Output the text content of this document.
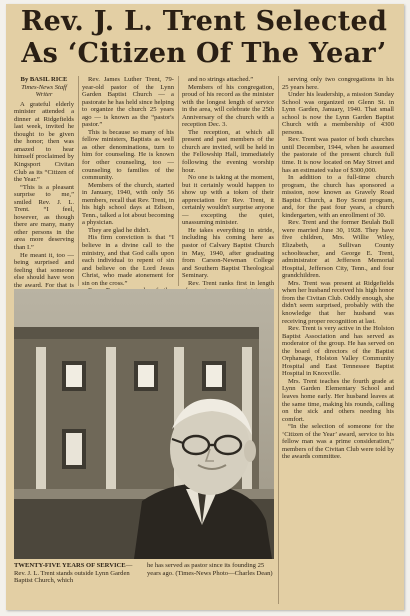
Rev. J. L. Trent Selected
As ‘Citizen Of The Year’

By BASIL RICE

Times-News Staff Writer

A grateful elderly minister attended a dinner at Ridgefields last week, invited he thought to be given the honor; then was amazed to hear himself proclaimed by Kingsport Civitan Club as its “Citizen of the Year.”

“This is a pleasant surprise to me,” smiled Rev. J. L. Trent. “I feel, however, as though there are many, many other persons in the area more deserving than I.”

He meant it, too — being surprised and feeling that someone else should have won the award. For that is

Rev. James Luther Trent, 79-year-old pastor of the Lynn Garden Baptist Church — a pastorate he has held since helping to organize the church 25 years ago — is known as the “pastor's pastor.”

This is because so many of his fellow ministers, Baptists as well as other denominations, turn to him for counseling. He is known for other counseling, too — counseling to families of the community.

Members of the church, started in January, 1940, with only 56 members, recall that Rev. Trent, in his high school days at Edison, Tenn., talked a lot about becoming a physician.

They are glad he didn't.

His firm conviction is that “I believe in a divine call to the ministry, and that God calls upon each individual to repent of sin and believe on the Lord Jesus Christ, who made atonement for sin on the cross.”

and no strings attached.”

Members of his congregation, proud of his record as the minister with the longest length of service in the area, will celebrate the 25th Anniversary of the church with a reception Dec. 3.

The reception, at which all present and past members of the church are invited, will be held in the Fellowship Hall, immediately following the evening worship hour.

No one is taking at the moment, but it certainly would happen to show up with a token of their appreciation for Rev. Trent, it certainly wouldn't surprise anyone — excepting the quiet, unassuming minister.

He takes everything in stride, including his coming here as pastor of Calvary Baptist Church in May, 1940, after graduating from Carson-Newman College and Southern Baptist Theological Seminary.

Rev. Trent ranks first in length

serving only two congregations in his 25 years here.

Under his leadership, a mission Sunday School was organized on Glenn St. in Lynn Garden, January, 1940. That small school is now the Lynn Garden Baptist Church with a membership of 4300 persons.

Rev. Trent was pastor of both churches until December, 1944, when he assumed the pastorate of the present church full time. It is now located on May Street and has an estimated value of $300,000.

In addition to a full-time church program, the church has sponsored a mission, now known as Gravely Road Baptist Church, a Boy Scout program, and, for the past four years, a church kindergarten, with an enrollment of 30.

Rev. Trent and the former Beulah Bull were married June 30, 1928. They have five children, Mrs. Willie Wiley, Elizabeth, a Sullivan County schoolteacher, and George E. Trent, administrator at Jefferson Memorial Hospital, Jefferson City, Tenn., and four grandchildren.

Mrs. Trent was present at Ridgefields when her husband received his high honor from the Civitan Club. Oddly enough, she didn't seem surprised, probably with the knowledge that her husband was receiving proper recognition at last.

Rev. Trent is very active in the Holston Baptist Association and has served as moderator of the group. He has served on the board of directors of the Baptist Orphanage, Holston Valley Community Hospital and East Tennessee Baptist Hospital in Knoxville.

Mrs. Trent teaches the fourth grade at Lynn Garden Elementary School and leaves home early. Her husband leaves at the same time, making his rounds, calling on the sick and others needing his comfort.

“In the selection of someone for the ‘Citizen of the Year’ award, service to his fellow man was a prime consideration,” members of the Civitan Club were told by the awards committee.

TWENTY-FIVE YEARS OF SERVICE—Rev. J. L. Trent stands outside Lynn Garden Baptist Church, which
he has served as pastor since its founding 25 years ago. (Times-News Photo—Charles Dean)
